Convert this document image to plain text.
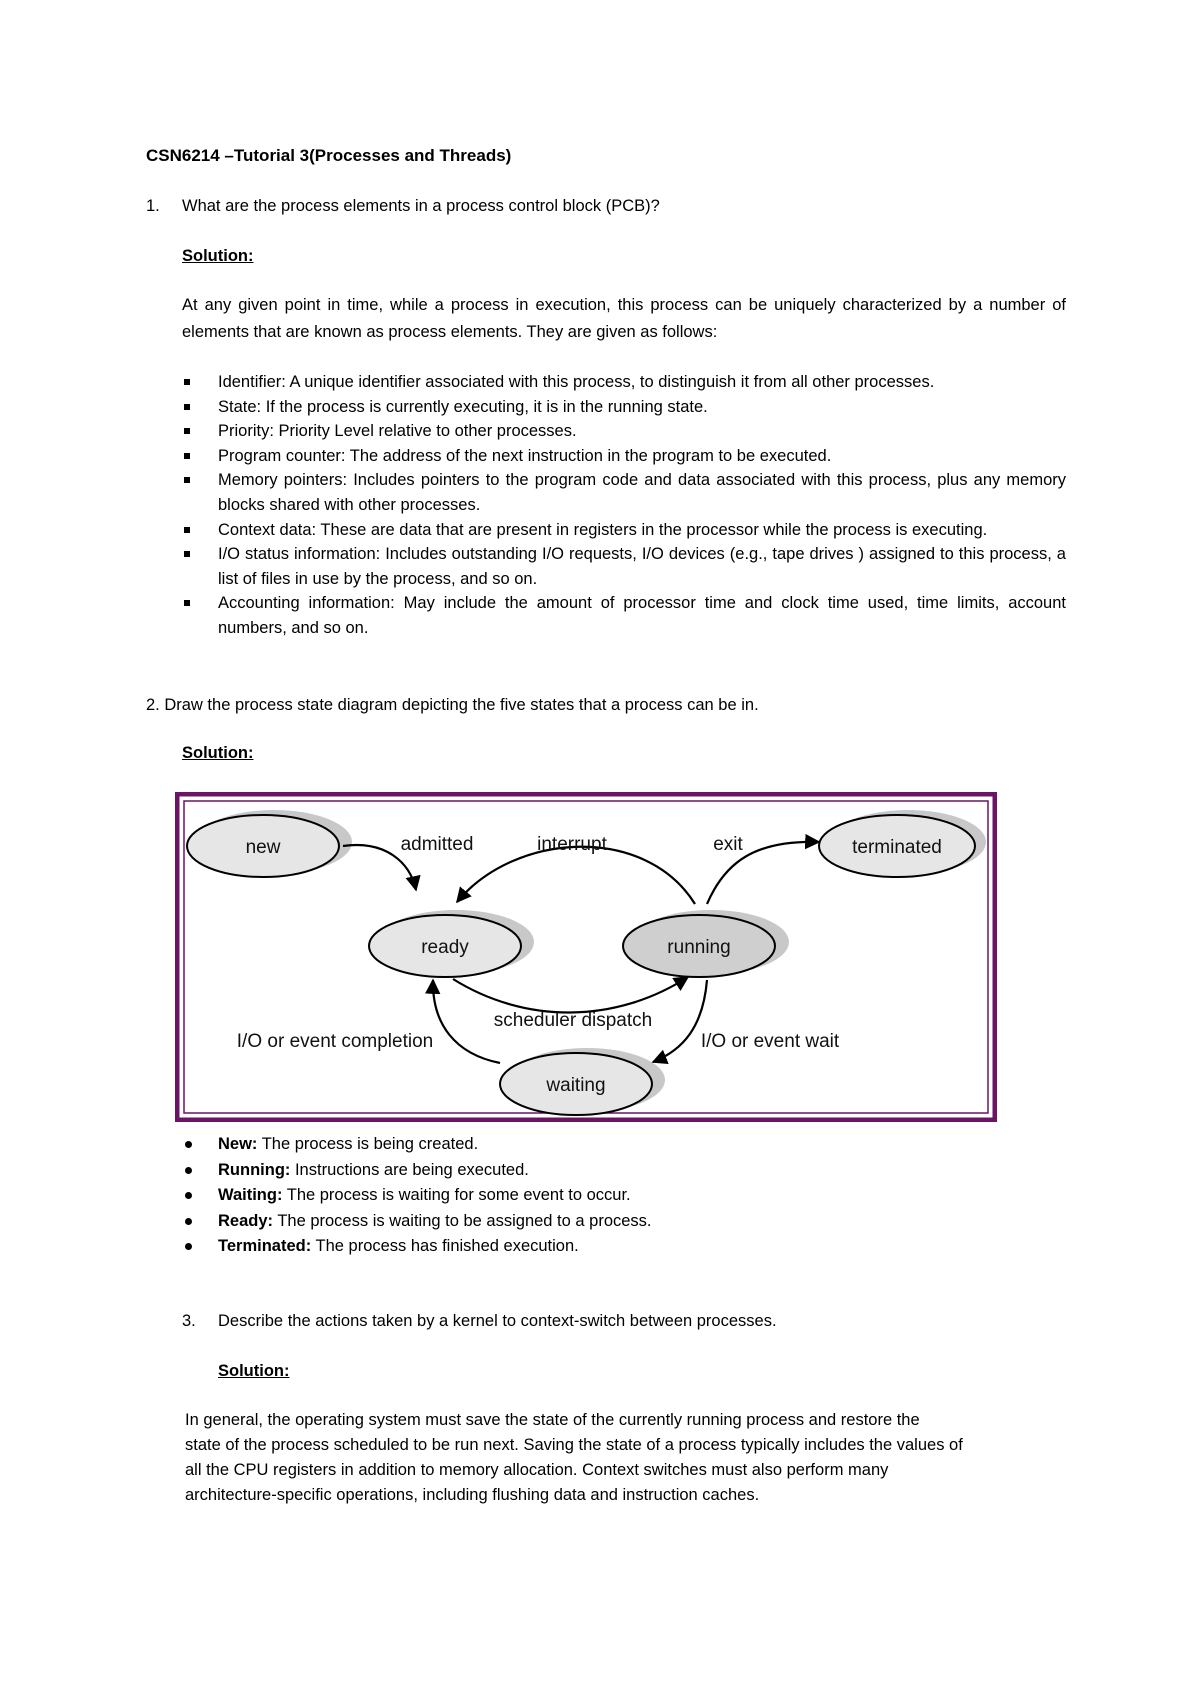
CSN6214 –Tutorial 3(Processes and Threads)
1. What are the process elements in a process control block (PCB)?
Solution:
At any given point in time, while a process in execution, this process can be uniquely characterized by a number of elements that are known as process elements. They are given as follows:
Identifier: A unique identifier associated with this process, to distinguish it from all other processes.
State: If the process is currently executing, it is in the running state.
Priority: Priority Level relative to other processes.
Program counter: The address of the next instruction in the program to be executed.
Memory pointers: Includes pointers to the program code and data associated with this process, plus any memory blocks shared with other processes.
Context data: These are data that are present in registers in the processor while the process is executing.
I/O status information: Includes outstanding I/O requests, I/O devices (e.g., tape drives ) assigned to this process, a list of files in use by the process, and so on.
Accounting information: May include the amount of processor time and clock time used, time limits, account numbers, and so on.
2. Draw the process state diagram depicting the five states that a process can be in.
Solution:
new
ready	running
waiting
terminated
admitted	interrupt	exit
scheduler dispatch
I/O or event completion	I/O or event wait
New: The process is being created.
Running: Instructions are being executed.
Waiting: The process is waiting for some event to occur.
Ready: The process is waiting to be assigned to a process.
Terminated: The process has finished execution.
3. Describe the actions taken by a kernel to context-switch between processes.
Solution:
In general, the operating system must save the state of the currently running process and restore the
state of the process scheduled to be run next. Saving the state of a process typically includes the values of
all the CPU registers in addition to memory allocation. Context switches must also perform many
architecture-specific operations, including flushing data and instruction caches.
